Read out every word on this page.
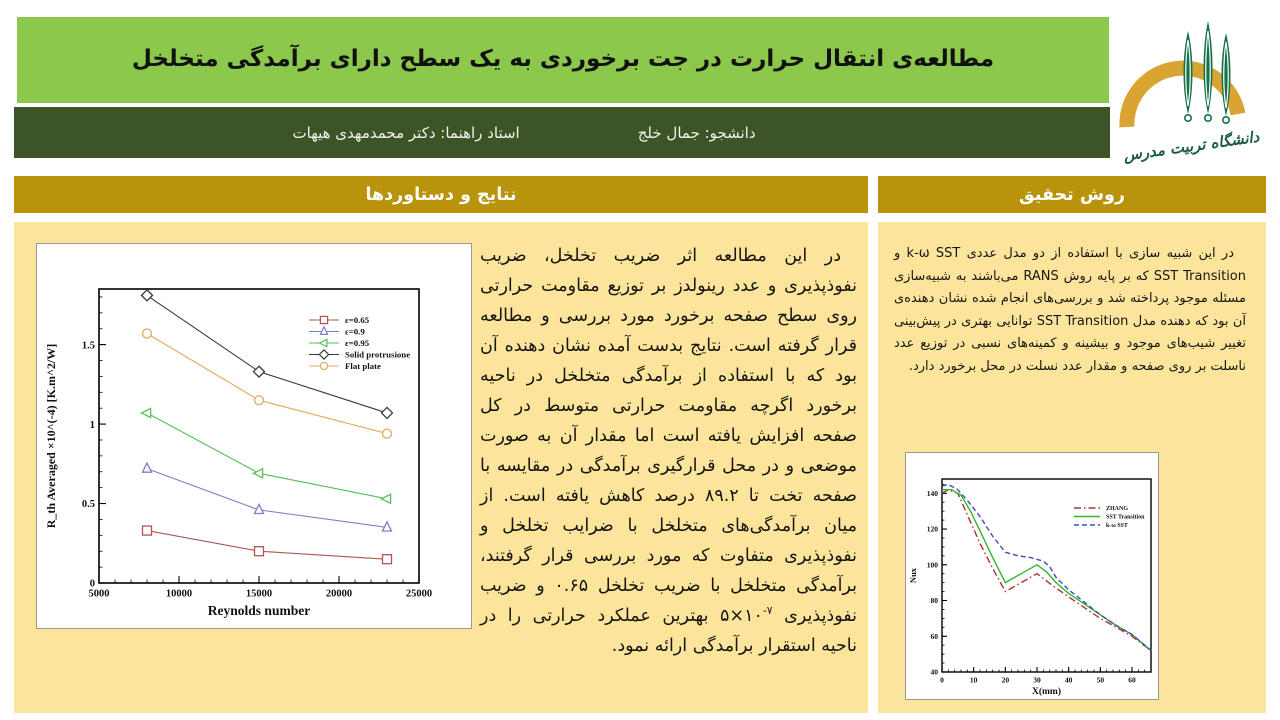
مطالعه‌ی انتقال حرارت در جت برخوردی به یک سطح دارای برآمدگی متخلخل
دانشجو: جمال خلج
استاد راهنما: دکتر محمدمهدی هیهات	دانشگاه تربیت مدرس
نتایج و دستاوردها
5000	10000	15000	20000	25000
0
0.5
1
1.5
Reynolds number
R_th Averaged ×10^(-4) [K.m^2/W]
ε=0.65
ε=0.9
ε=0.95
Solid protrusione
Flat plate
در این مطالعه اثر ضریب تخلخل، ضریب نفوذپذیری و عدد رینولدز بر توزیع مقاومت حرارتی روی سطح صفحه برخورد مورد بررسی و مطالعه قرار گرفته است. نتایج بدست آمده نشان دهنده آن بود که با استفاده از برآمدگی متخلخل در ناحیه برخورد اگرچه مقاومت حرارتی متوسط در کل صفحه افزایش یافته است اما مقدار آن به صورت موضعی و در محل قرارگیری برآمدگی در مقایسه با صفحه تخت تا ۸۹.۲ درصد کاهش یافته است. از میان برآمدگی‌های متخلخل با ضرایب تخلخل و نفوذپذیری متفاوت که مورد بررسی قرار گرفتند، برآمدگی متخلخل با ضریب تخلخل ۰.۶۵ و ضریب نفوذپذیری $۵\times ۱۰^{-۷}$ بهترین عملکرد حرارتی را در ناحیه استقرار برآمدگی ارائه نمود.
روش تحقیق
در این شبیه سازی با استفاده از دو مدل عددی k-ω SST و SST Transition که بر پایه روش RANS می‌باشند به شبیه‌سازی مسئله موجود پرداخته شد و بررسی‌های انجام شده نشان دهنده‌ی آن بود که دهنده مدل SST Transition توانایی بهتری در پیش‌بینی تغییر شیب‌های موجود و بیشینه و کمینه‌های نسبی در توزیع عدد ناسلت بر روی صفحه و مقدار عدد نسلت در محل برخورد دارد.
0	10	20	30	40	50	60
40
60
80
100
120
140
X(mm)
Nux
ZHANG
SST Transition
k-ω SST
